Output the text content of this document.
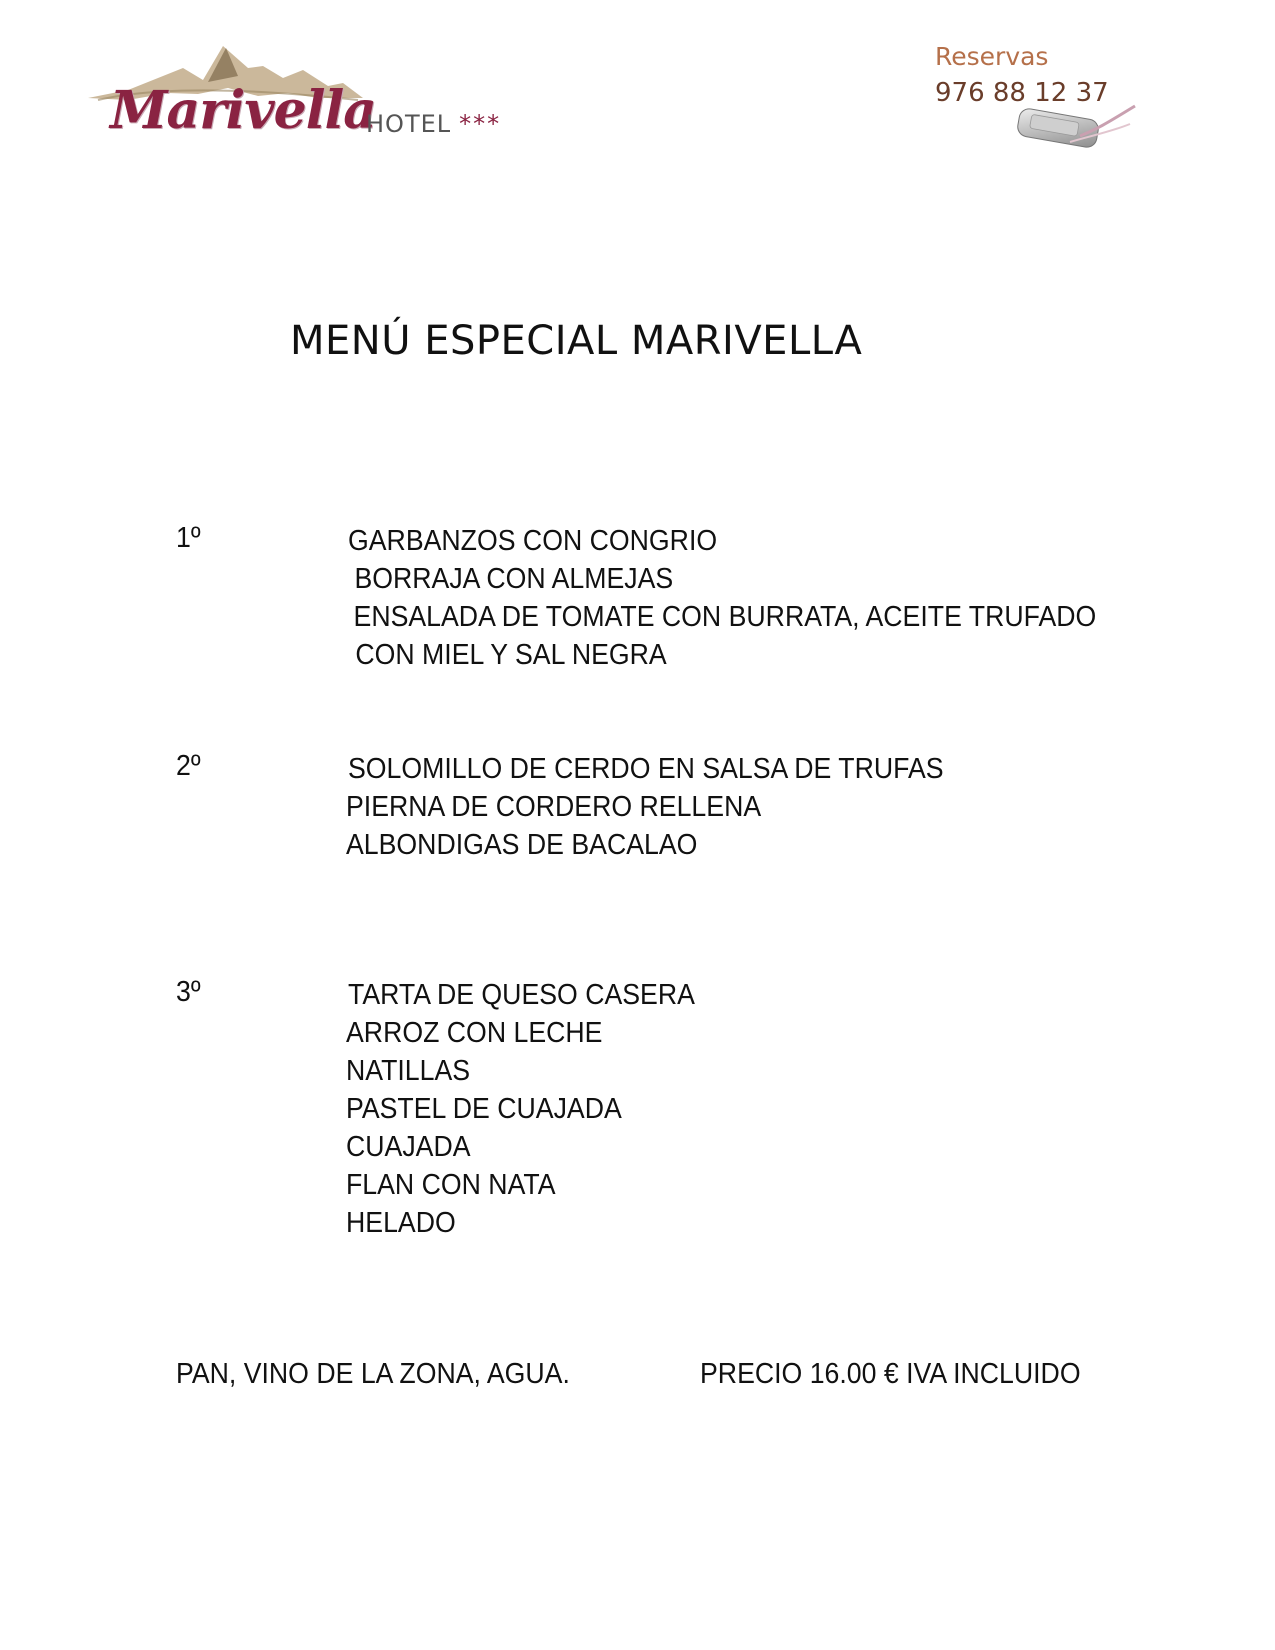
Marivella
HOTEL ***
Reservas
976 88 12 37
MENÚ ESPECIAL MARIVELLA
1º	GARBANZOS CON CONGRIO
BORRAJA CON ALMEJAS
ENSALADA DE TOMATE CON BURRATA, ACEITE TRUFADO
CON MIEL Y SAL NEGRA
2º	SOLOMILLO DE CERDO EN SALSA DE TRUFAS
PIERNA DE CORDERO RELLENA
ALBONDIGAS DE BACALAO
3º	TARTA DE QUESO CASERA
ARROZ CON LECHE
NATILLAS
PASTEL DE CUAJADA
CUAJADA
FLAN CON NATA
HELADO
PAN, VINO DE LA ZONA, AGUA.	PRECIO 16.00 € IVA INCLUIDO
